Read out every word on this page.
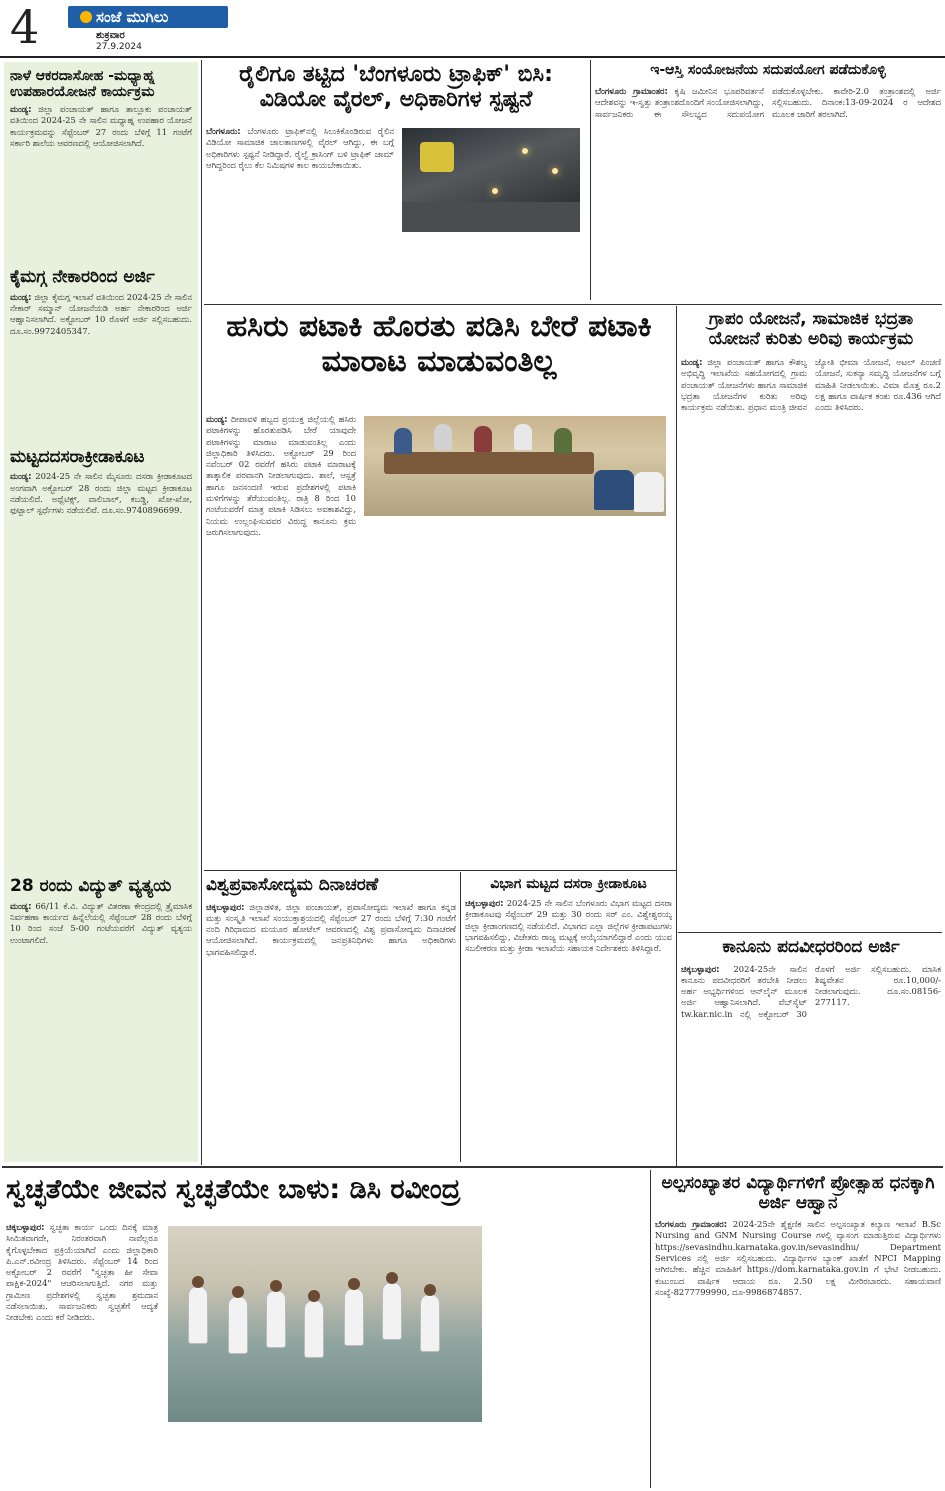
4	ಸಂಜೆ ಮುಗಿಲು
ಶುಕ್ರವಾರ
27.9.2024
ನಾಳೆ ಆಕರದಾಸೋಹ -ಮಧ್ಯಾಹ್ನ ಉಪಹಾರಯೋಜನೆ ಕಾರ್ಯಕ್ರಮ
ಮಂಡ್ಯ: ಜಿಲ್ಲಾ ಪಂಚಾಯತ್ ಹಾಗೂ ತಾಲ್ಲೂಕು ಪಂಚಾಯತ್ ವತಿಯಿಂದ 2024-25 ನೇ ಸಾಲಿನ ಮಧ್ಯಾಹ್ನ ಉಪಹಾರ ಯೋಜನೆ ಕಾರ್ಯಕ್ರಮವನ್ನು ಸೆಪ್ಟೆಂಬರ್ 27 ರಂದು ಬೆಳಿಗ್ಗೆ 11 ಗಂಟೆಗೆ ಸರ್ಕಾರಿ ಶಾಲೆಯ ಆವರಣದಲ್ಲಿ ಆಯೋಜಿಸಲಾಗಿದೆ.
ಕೈಮಗ್ಗ ನೇಕಾರರಿಂದ ಅರ್ಜಿ
ಮಂಡ್ಯ: ಜಿಲ್ಲಾ ಕೈಮಗ್ಗ ಇಲಾಖೆ ವತಿಯಿಂದ 2024-25 ನೇ ಸಾಲಿನ ನೇಕಾರ್ ಸಮ್ಮಾನ್ ಯೋಜನೆಯಡಿ ಅರ್ಹ ನೇಕಾರರಿಂದ ಅರ್ಜಿ ಆಹ್ವಾನಿಸಲಾಗಿದೆ. ಅಕ್ಟೋಬರ್ 10 ರೊಳಗೆ ಅರ್ಜಿ ಸಲ್ಲಿಸಬಹುದು. ದೂ.ಸಂ.9972405347.
ಮಟ್ಟದದಸರಾಕ್ರೀಡಾಕೂಟ
ಮಂಡ್ಯ: 2024-25 ನೇ ಸಾಲಿನ ಮೈಸೂರು ದಸರಾ ಕ್ರೀಡಾಕೂಟದ ಅಂಗವಾಗಿ ಅಕ್ಟೋಬರ್ 28 ರಂದು ಜಿಲ್ಲಾ ಮಟ್ಟದ ಕ್ರೀಡಾಕೂಟ ನಡೆಯಲಿದೆ. ಅಥ್ಲೆಟಿಕ್ಸ್, ವಾಲಿಬಾಲ್, ಕಬಡ್ಡಿ, ಖೋ-ಖೋ, ಫುಟ್ಬಾಲ್ ಸ್ಪರ್ಧೆಗಳು ನಡೆಯಲಿವೆ. ದೂ.ಸಂ.9740896699.
28 ರಂದು ವಿದ್ಯುತ್ ವ್ಯತ್ಯಯ
ಮಂಡ್ಯ: 66/11 ಕೆ.ವಿ. ವಿದ್ಯುತ್ ವಿತರಣಾ ಕೇಂದ್ರದಲ್ಲಿ ತ್ರೈಮಾಸಿಕ ನಿರ್ವಹಣಾ ಕಾರ್ಯದ ಹಿನ್ನೆಲೆಯಲ್ಲಿ ಸೆಪ್ಟೆಂಬರ್ 28 ರಂದು ಬೆಳಿಗ್ಗೆ 10 ರಿಂದ ಸಂಜೆ 5-00 ಗಂಟೆಯವರೆಗೆ ವಿದ್ಯುತ್ ವ್ಯತ್ಯಯ ಉಂಟಾಗಲಿದೆ.
ರೈಲಿಗೂ ತಟ್ಟಿದ 'ಬೆಂಗಳೂರು ಟ್ರಾಫಿಕ್' ಬಿಸಿ: ವಿಡಿಯೋ ವೈರಲ್, ಅಧಿಕಾರಿಗಳ ಸ್ಪಷ್ಟನೆ
ಬೆಂಗಳೂರು: ಬೆಂಗಳೂರು ಟ್ರಾಫಿಕ್‌ನಲ್ಲಿ ಸಿಲುಕಿಕೊಂಡಿರುವ ರೈಲಿನ ವಿಡಿಯೋ ಸಾಮಾಜಿಕ ಜಾಲತಾಣಗಳಲ್ಲಿ ವೈರಲ್ ಆಗಿದ್ದು, ಈ ಬಗ್ಗೆ ಅಧಿಕಾರಿಗಳು ಸ್ಪಷ್ಟನೆ ನೀಡಿದ್ದಾರೆ. ರೈಲ್ವೆ ಕ್ರಾಸಿಂಗ್ ಬಳಿ ಟ್ರಾಫಿಕ್ ಜಾಮ್ ಆಗಿದ್ದರಿಂದ ರೈಲು ಕೆಲ ನಿಮಿಷಗಳ ಕಾಲ ಕಾಯಬೇಕಾಯಿತು.
ಇ-ಆಸ್ತಿ ಸಂಯೋಜನೆಯ ಸದುಪಯೋಗ ಪಡೆದುಕೊಳ್ಳಿ
ಬೆಂಗಳೂರು ಗ್ರಾಮಾಂತರ: ಕೃಷಿ ಜಮೀನಿನ ಭೂಪರಿವರ್ತನೆ ಆದೇಶವನ್ನು ಇ-ಸ್ವತ್ತು ತಂತ್ರಾಂಶದೊಂದಿಗೆ ಸಂಯೋಜಿಸಲಾಗಿದ್ದು, ಸಾರ್ವಜನಿಕರು ಈ ಸೌಲಭ್ಯದ ಸದುಪಯೋಗ ಪಡೆದುಕೊಳ್ಳಬೇಕು. ಕಾವೇರಿ-2.0 ತಂತ್ರಾಂಶದಲ್ಲಿ ಅರ್ಜಿ ಸಲ್ಲಿಸಬಹುದು. ದಿನಾಂಕ:13-09-2024 ರ ಆದೇಶದ ಮೂಲಕ ಜಾರಿಗೆ ತರಲಾಗಿದೆ.
ಹಸಿರು ಪಟಾಕಿ ಹೊರತು ಪಡಿಸಿ ಬೇರೆ ಪಟಾಕಿ ಮಾರಾಟ ಮಾಡುವಂತಿಲ್ಲ
ಮಂಡ್ಯ: ದೀಪಾವಳಿ ಹಬ್ಬದ ಪ್ರಯುಕ್ತ ಜಿಲ್ಲೆಯಲ್ಲಿ ಹಸಿರು ಪಟಾಕಿಗಳನ್ನು ಹೊರತುಪಡಿಸಿ ಬೇರೆ ಯಾವುದೇ ಪಟಾಕಿಗಳನ್ನು ಮಾರಾಟ ಮಾಡುವಂತಿಲ್ಲ ಎಂದು ಜಿಲ್ಲಾಧಿಕಾರಿ ತಿಳಿಸಿದರು. ಅಕ್ಟೋಬರ್ 29 ರಿಂದ ನವೆಂಬರ್ 02 ರವರೆಗೆ ಹಸಿರು ಪಟಾಕಿ ಮಾರಾಟಕ್ಕೆ ತಾತ್ಕಾಲಿಕ ಪರವಾನಗಿ ನೀಡಲಾಗುವುದು. ಶಾಲೆ, ಆಸ್ಪತ್ರೆ ಹಾಗೂ ಜನಸಂದಣಿ ಇರುವ ಪ್ರದೇಶಗಳಲ್ಲಿ ಪಟಾಕಿ ಮಳಿಗೆಗಳನ್ನು ತೆರೆಯುವಂತಿಲ್ಲ. ರಾತ್ರಿ 8 ರಿಂದ 10 ಗಂಟೆಯವರೆಗೆ ಮಾತ್ರ ಪಟಾಕಿ ಸಿಡಿಸಲು ಅವಕಾಶವಿದ್ದು, ನಿಯಮ ಉಲ್ಲಂಘಿಸುವವರ ವಿರುದ್ಧ ಕಾನೂನು ಕ್ರಮ ಜರುಗಿಸಲಾಗುವುದು.
ಗ್ರಾಪಂ ಯೋಜನೆ, ಸಾಮಾಜಿಕ ಭದ್ರತಾ ಯೋಜನೆ ಕುರಿತು ಅರಿವು ಕಾರ್ಯಕ್ರಮ
ಮಂಡ್ಯ: ಜಿಲ್ಲಾ ಪಂಚಾಯತ್ ಹಾಗೂ ಕೌಶಲ್ಯ ಅಭಿವೃದ್ಧಿ ಇಲಾಖೆಯ ಸಹಯೋಗದಲ್ಲಿ ಗ್ರಾಮ ಪಂಚಾಯತ್ ಯೋಜನೆಗಳು ಹಾಗೂ ಸಾಮಾಜಿಕ ಭದ್ರತಾ ಯೋಜನೆಗಳ ಕುರಿತು ಅರಿವು ಕಾರ್ಯಕ್ರಮ ನಡೆಯಿತು. ಪ್ರಧಾನ ಮಂತ್ರಿ ಜೀವನ ಜ್ಯೋತಿ ಭೀಮಾ ಯೋಜನೆ, ಅಟಲ್ ಪಿಂಚಣಿ ಯೋಜನೆ, ಸುಕನ್ಯಾ ಸಮೃದ್ಧಿ ಯೋಜನೆಗಳ ಬಗ್ಗೆ ಮಾಹಿತಿ ನೀಡಲಾಯಿತು. ವಿಮಾ ಮೊತ್ತ ರೂ.2 ಲಕ್ಷ ಹಾಗೂ ವಾರ್ಷಿಕ ಕಂತು ರೂ.436 ಆಗಿದೆ ಎಂದು ತಿಳಿಸಿದರು.
ವಿಶ್ವಪ್ರವಾಸೋದ್ಯಮ ದಿನಾಚರಣೆ
ಚಿಕ್ಕಬಳ್ಳಾಪುರ: ಜಿಲ್ಲಾಡಳಿತ, ಜಿಲ್ಲಾ ಪಂಚಾಯತ್, ಪ್ರವಾಸೋದ್ಯಮ ಇಲಾಖೆ ಹಾಗೂ ಕನ್ನಡ ಮತ್ತು ಸಂಸ್ಕೃತಿ ಇಲಾಖೆ ಸಂಯುಕ್ತಾಶ್ರಯದಲ್ಲಿ ಸೆಪ್ಟೆಂಬರ್ 27 ರಂದು ಬೆಳಿಗ್ಗೆ 7:30 ಗಂಟೆಗೆ ನಂದಿ ಗಿರಿಧಾಮದ ಮಯೂರ ಹೋಟೆಲ್ ಆವರಣದಲ್ಲಿ ವಿಶ್ವ ಪ್ರವಾಸೋದ್ಯಮ ದಿನಾಚರಣೆ ಆಯೋಜಿಸಲಾಗಿದೆ. ಕಾರ್ಯಕ್ರಮದಲ್ಲಿ ಜನಪ್ರತಿನಿಧಿಗಳು ಹಾಗೂ ಅಧಿಕಾರಿಗಳು ಭಾಗವಹಿಸಲಿದ್ದಾರೆ.
ವಿಭಾಗ ಮಟ್ಟದ ದಸರಾ ಕ್ರೀಡಾಕೂಟ
ಚಿಕ್ಕಬಳ್ಳಾಪುರ: 2024-25 ನೇ ಸಾಲಿನ ಬೆಂಗಳೂರು ವಿಭಾಗ ಮಟ್ಟದ ದಸರಾ ಕ್ರೀಡಾಕೂಟವು ಸೆಪ್ಟೆಂಬರ್ 29 ಮತ್ತು 30 ರಂದು ಸರ್ ಎಂ. ವಿಶ್ವೇಶ್ವರಯ್ಯ ಜಿಲ್ಲಾ ಕ್ರೀಡಾಂಗಣದಲ್ಲಿ ನಡೆಯಲಿದೆ. ವಿಭಾಗದ ಎಲ್ಲಾ ಜಿಲ್ಲೆಗಳ ಕ್ರೀಡಾಪಟುಗಳು ಭಾಗವಹಿಸಲಿದ್ದು, ವಿಜೇತರು ರಾಜ್ಯ ಮಟ್ಟಕ್ಕೆ ಆಯ್ಕೆಯಾಗಲಿದ್ದಾರೆ ಎಂದು ಯುವ ಸಬಲೀಕರಣ ಮತ್ತು ಕ್ರೀಡಾ ಇಲಾಖೆಯ ಸಹಾಯಕ ನಿರ್ದೇಶಕರು ತಿಳಿಸಿದ್ದಾರೆ.	ಕಾನೂನು ಪದವೀಧರರಿಂದ ಅರ್ಜಿ
ಚಿಕ್ಕಬಳ್ಳಾಪುರ: 2024-25ನೇ ಸಾಲಿನ ಕಾನೂನು ಪದವೀಧರರಿಗೆ ತರಬೇತಿ ನೀಡಲು ಅರ್ಹ ಅಭ್ಯರ್ಥಿಗಳಿಂದ ಆನ್‌ಲೈನ್ ಮೂಲಕ ಅರ್ಜಿ ಆಹ್ವಾನಿಸಲಾಗಿದೆ. ವೆಬ್‌ಸೈಟ್ tw.kar.nic.in ನಲ್ಲಿ ಅಕ್ಟೋಬರ್ 30 ರೊಳಗೆ ಅರ್ಜಿ ಸಲ್ಲಿಸಬಹುದು. ಮಾಸಿಕ ಶಿಷ್ಯವೇತನ ರೂ.10,000/- ನೀಡಲಾಗುವುದು. ದೂ.ಸಂ.08156-277117.
ಸ್ವಚ್ಛತೆಯೇ ಜೀವನ ಸ್ವಚ್ಛತೆಯೇ ಬಾಳು: ಡಿಸಿ ರವೀಂದ್ರ
ಚಿಕ್ಕಬಳ್ಳಾಪುರ: ಸ್ವಚ್ಛತಾ ಕಾರ್ಯ ಒಂದು ದಿನಕ್ಕೆ ಮಾತ್ರ ಸೀಮಿತವಾಗದೇ, ನಿರಂತರವಾಗಿ ನಾವೆಲ್ಲರೂ ಕೈಗೊಳ್ಳಬೇಕಾದ ಪ್ರಕ್ರಿಯೆಯಾಗಿದೆ ಎಂದು ಜಿಲ್ಲಾಧಿಕಾರಿ ಪಿ.ಎನ್.ರವೀಂದ್ರ ತಿಳಿಸಿದರು. ಸೆಪ್ಟೆಂಬರ್ 14 ರಿಂದ ಅಕ್ಟೋಬರ್ 2 ರವರೆಗೆ "ಸ್ವಚ್ಛತಾ ಹೀ ಸೇವಾ ಪಾಕ್ಷಿಕ-2024" ಆಚರಿಸಲಾಗುತ್ತಿದೆ. ನಗರ ಮತ್ತು ಗ್ರಾಮೀಣ ಪ್ರದೇಶಗಳಲ್ಲಿ ಸ್ವಚ್ಛತಾ ಶ್ರಮದಾನ ನಡೆಸಲಾಯಿತು. ಸಾರ್ವಜನಿಕರು ಸ್ವಚ್ಛತೆಗೆ ಆದ್ಯತೆ ನೀಡಬೇಕು ಎಂದು ಕರೆ ನೀಡಿದರು.
ಅಲ್ಪಸಂಖ್ಯಾತರ ವಿದ್ಯಾರ್ಥಿಗಳಿಗೆ ಪ್ರೋತ್ಸಾಹ ಧನಕ್ಕಾಗಿ ಅರ್ಜಿ ಆಹ್ವಾನ
ಬೆಂಗಳೂರು ಗ್ರಾಮಾಂತರ: 2024-25ನೇ ಶೈಕ್ಷಣಿಕ ಸಾಲಿನ ಅಲ್ಪಸಂಖ್ಯಾತ ಕಲ್ಯಾಣ ಇಲಾಖೆ B.Sc Nursing and GNM Nursing Course ಗಳಲ್ಲಿ ವ್ಯಾಸಂಗ ಮಾಡುತ್ತಿರುವ ವಿದ್ಯಾರ್ಥಿಗಳು https://sevasindhu.karnataka.gov.in/sevasindhu/ Department Services ನಲ್ಲಿ ಅರ್ಜಿ ಸಲ್ಲಿಸಬಹುದು. ವಿದ್ಯಾರ್ಥಿಗಳ ಬ್ಯಾಂಕ್ ಖಾತೆಗೆ NPCI Mapping ಆಗಿರಬೇಕು. ಹೆಚ್ಚಿನ ಮಾಹಿತಿಗೆ https://dom.karnataka.gov.in ಗೆ ಭೇಟಿ ನೀಡಬಹುದು. ಕುಟುಂಬದ ವಾರ್ಷಿಕ ಆದಾಯ ರೂ. 2.50 ಲಕ್ಷ ಮೀರಿರಬಾರದು. ಸಹಾಯವಾಣಿ ಸಂಖ್ಯೆ-8277799990, ದೂ-9986874857.
